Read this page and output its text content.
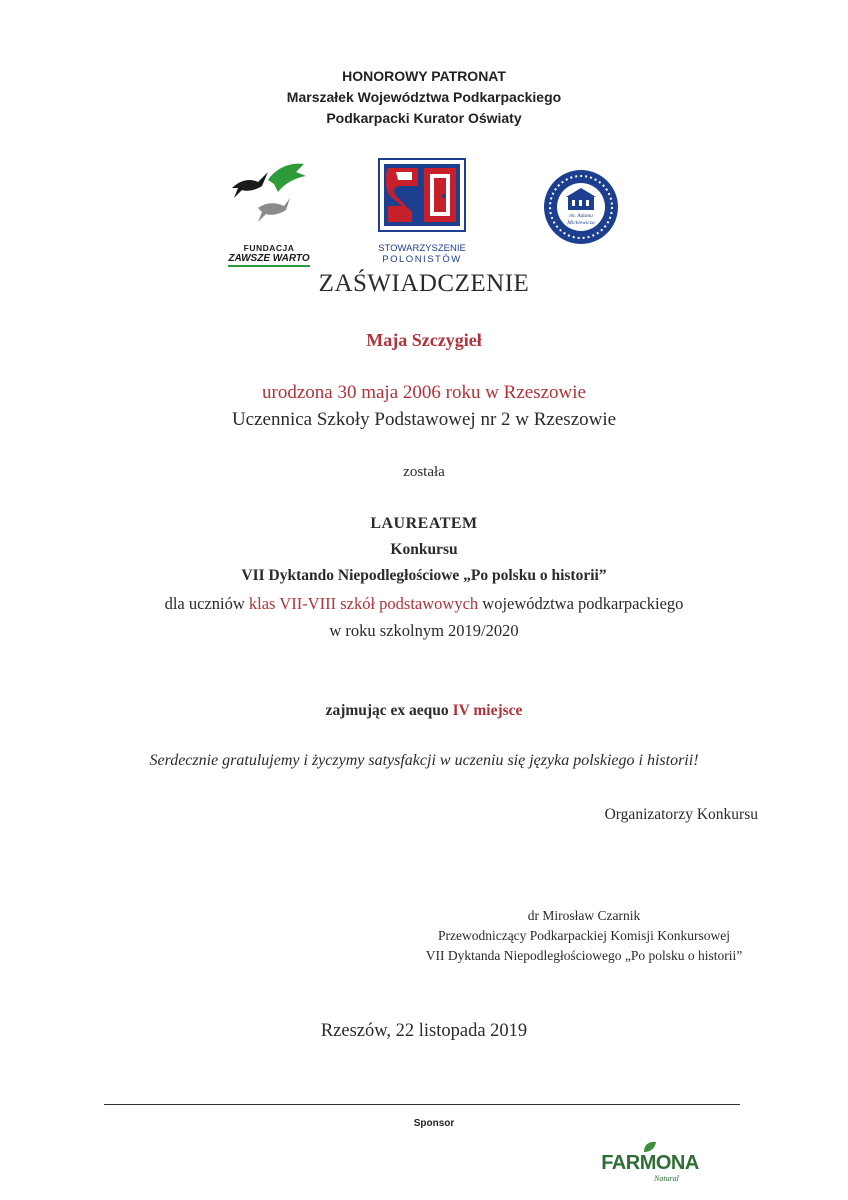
HONOROWY PATRONAT
Marszałek Województwa Podkarpackiego
Podkarpacki Kurator Oświaty
FUNDACJA
ZAWSZE WARTO
STOWARZYSZENIE
POLONISTÓW
im. Adama
Mickiewicza
ZAŚWIADCZENIE
Maja Szczygieł
urodzona 30 maja 2006 roku w Rzeszowie
Uczennica Szkoły Podstawowej nr 2 w Rzeszowie
została
LAUREATEM
Konkursu
VII Dyktando Niepodległościowe „Po polsku o historii”
dla uczniów klas VII-VIII szkół podstawowych województwa podkarpackiego
w roku szkolnym 2019/2020
zajmując ex aequo IV miejsce
Serdecznie gratulujemy i życzymy satysfakcji w uczeniu się języka polskiego i historii!
Organizatorzy Konkursu
dr Mirosław Czarnik
Przewodniczący Podkarpackiej Komisji Konkursowej
VII Dyktanda Niepodległościowego „Po polsku o historii”
Rzeszów, 22 listopada 2019
Sponsor
FARMONA
Natural
